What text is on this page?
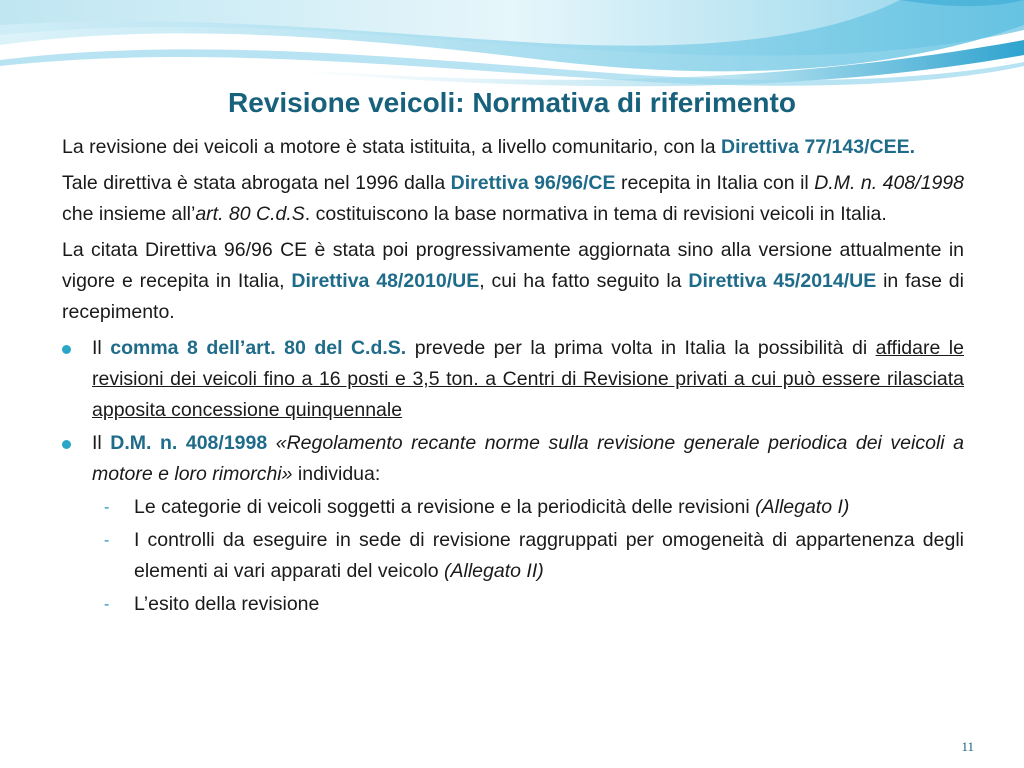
Revisione veicoli: Normativa di riferimento

La revisione dei veicoli a motore è stata istituita, a livello comunitario, con la Direttiva 77/143/CEE.

Tale direttiva è stata abrogata nel 1996 dalla Direttiva 96/96/CE recepita in Italia con il D.M. n. 408/1998 che insieme all’art. 80 C.d.S. costituiscono la base normativa in tema di revisioni veicoli in Italia.

La citata Direttiva 96/96 CE è stata poi progressivamente aggiornata sino alla versione attualmente in vigore e recepita in Italia, Direttiva 48/2010/UE, cui ha fatto seguito la Direttiva 45/2014/UE in fase di recepimento.

Il comma 8 dell’art. 80 del C.d.S. prevede per la prima volta in Italia la possibilità di affidare le revisioni dei veicoli fino a 16 posti e 3,5 ton. a Centri di Revisione privati a cui può essere rilasciata apposita concessione quinquennale
Il D.M. n. 408/1998 «Regolamento recante norme sulla revisione generale periodica dei veicoli a motore e loro rimorchi» individua:
- Le categorie di veicoli soggetti a revisione e la periodicità delle revisioni (Allegato I)
- I controlli da eseguire in sede di revisione raggruppati per omogeneità di appartenenza degli elementi ai vari apparati del veicolo (Allegato II)
- L’esito della revisione
11
